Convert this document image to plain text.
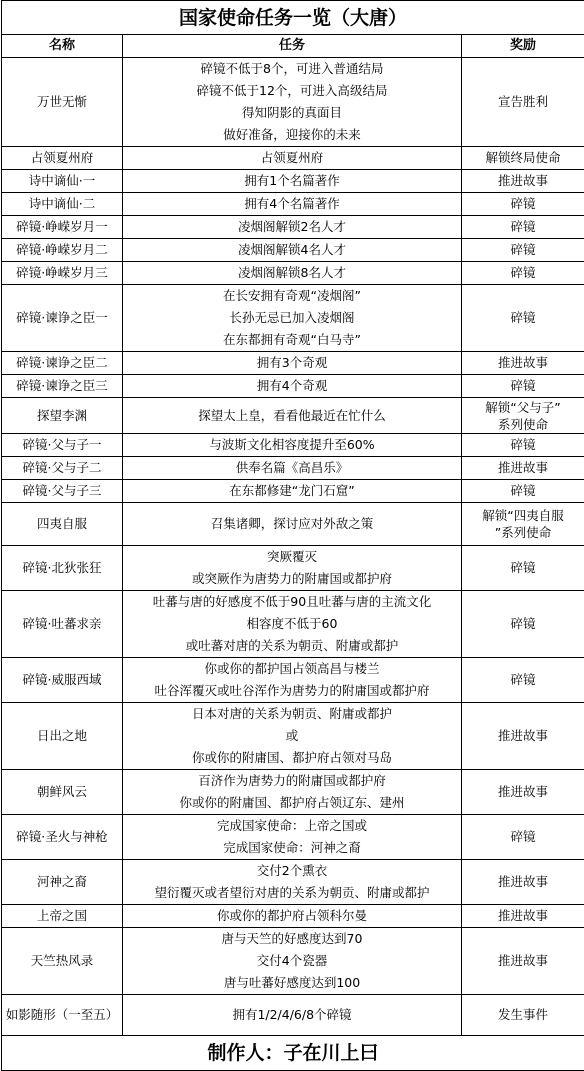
国家使命任务一览（大唐）		
名称	任务	奖励
万世无惭	碎镜不低于8个，可进入普通结局
碎镜不低于12个，可进入高级结局
得知阴影的真面目
做好准备，迎接你的未来	宣告胜利

占领夏州府	占领夏州府	解锁终局使命

诗中谪仙·一	拥有1个名篇著作	推进故事

诗中谪仙·二	拥有4个名篇著作	碎镜

碎镜·峥嵘岁月一	凌烟阁解锁2名人才	碎镜

碎镜·峥嵘岁月二	凌烟阁解锁4名人才	碎镜

碎镜·峥嵘岁月三	凌烟阁解锁8名人才	碎镜

碎镜·谏诤之臣一	在长安拥有奇观“凌烟阁”
长孙无忌已加入凌烟阁
在东都拥有奇观“白马寺”	碎镜

碎镜·谏诤之臣二	拥有3个奇观	推进故事

碎镜·谏诤之臣三	拥有4个奇观	碎镜

探望李渊	探望太上皇，看看他最近在忙什么	解锁“父与子”
系列使命

碎镜·父与子一	与波斯文化相容度提升至60%	碎镜

碎镜·父与子二	供奉名篇《高昌乐》	推进故事

碎镜·父与子三	在东都修建“龙门石窟”	碎镜

四夷自服	召集诸卿，探讨应对外敌之策	解锁“四夷自服
”系列使命

碎镜·北狄张狂	突厥覆灭
或突厥作为唐势力的附庸国或都护府	碎镜

碎镜·吐蕃求亲	吐蕃与唐的好感度不低于90且吐蕃与唐的主流文化
相容度不低于60
或吐蕃对唐的关系为朝贡、附庸或都护	碎镜

碎镜·威服西域	你或你的都护国占领高昌与楼兰
吐谷浑覆灭或吐谷浑作为唐势力的附庸国或都护府	碎镜

日出之地	日本对唐的关系为朝贡、附庸或都护
或
你或你的附庸国、都护府占领对马岛	推进故事

朝鲜风云	百济作为唐势力的附庸国或都护府
你或你的附庸国、都护府占领辽东、建州	推进故事

碎镜·圣火与神枪	完成国家使命：上帝之国或
完成国家使命：河神之裔	碎镜

河神之裔	交付2个熏衣
望衍覆灭或者望衍对唐的关系为朝贡、附庸或都护	推进故事

上帝之国	你或你的都护府占领科尔曼	推进故事

天竺热风录	唐与天竺的好感度达到70
交付4个瓷器
唐与吐蕃好感度达到100	推进故事

如影随形（一至五）	拥有1/2/4/6/8个碎镜	发生事件

制作人：子在川上曰		
